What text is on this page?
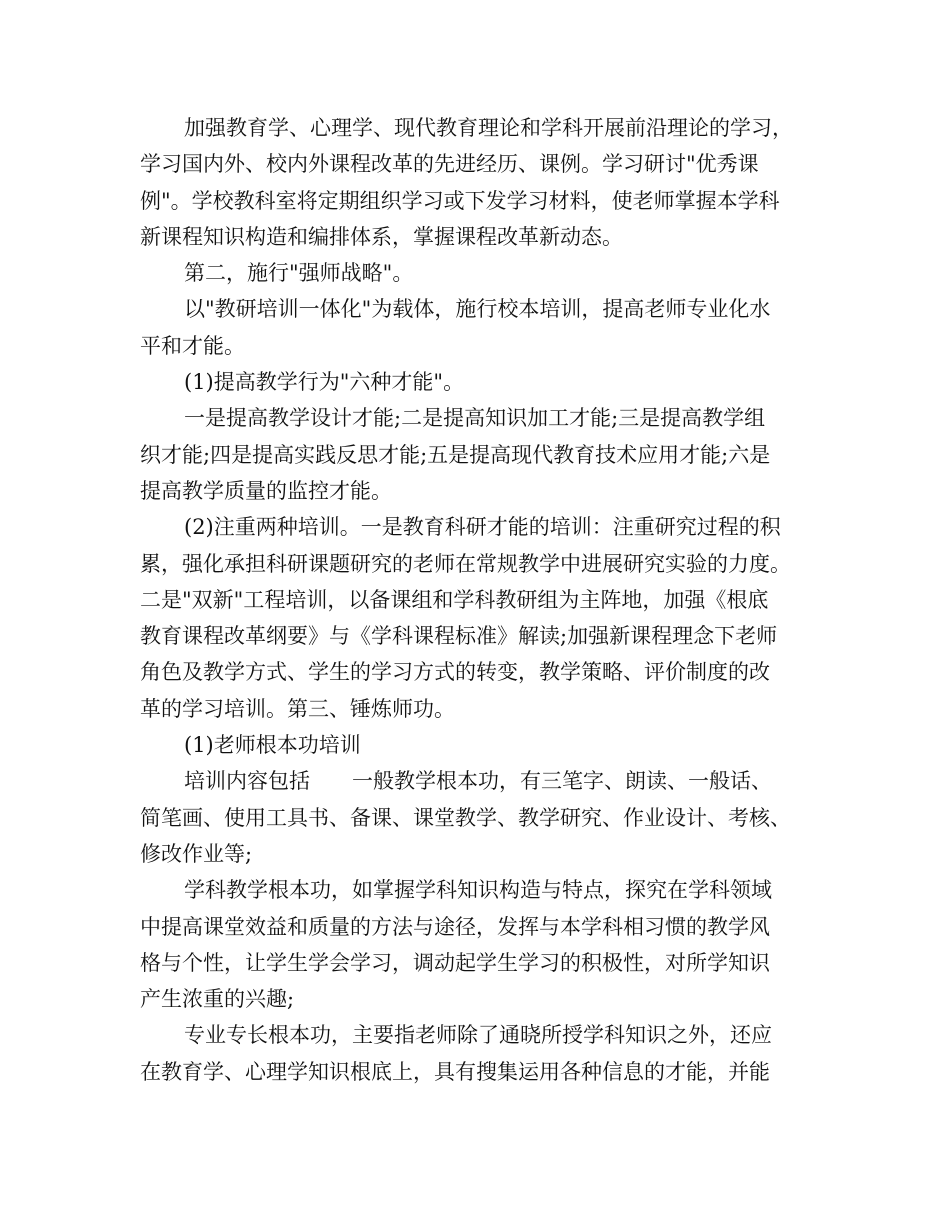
加强教育学、心理学、现代教育理论和学科开展前沿理论的学习，

学习国内外、校内外课程改革的先进经历、课例。学习研讨"优秀课

例"。学校教科室将定期组织学习或下发学习材料，使老师掌握本学科

新课程知识构造和编排体系，掌握课程改革新动态。

第二，施行"强师战略"。

以"教研培训一体化"为载体，施行校本培训，提高老师专业化水

平和才能。

(1)提高教学行为"六种才能"。

一是提高教学设计才能;二是提高知识加工才能;三是提高教学组

织才能;四是提高实践反思才能;五是提高现代教育技术应用才能;六是

提高教学质量的监控才能。

(2)注重两种培训。一是教育科研才能的培训：注重研究过程的积

累，强化承担科研课题研究的老师在常规教学中进展研究实验的力度。

二是"双新"工程培训，以备课组和学科教研组为主阵地，加强《根底

教育课程改革纲要》与《学科课程标准》解读;加强新课程理念下老师

角色及教学方式、学生的学习方式的转变，教学策略、评价制度的改

革的学习培训。第三、锤炼师功。

(1)老师根本功培训

培训内容包括　　一般教学根本功，有三笔字、朗读、一般话、

简笔画、使用工具书、备课、课堂教学、教学研究、作业设计、考核、

修改作业等;

学科教学根本功，如掌握学科知识构造与特点，探究在学科领域

中提高课堂效益和质量的方法与途径，发挥与本学科相习惯的教学风

格与个性，让学生学会学习，调动起学生学习的积极性，对所学知识

产生浓重的兴趣;

专业专长根本功，主要指老师除了通晓所授学科知识之外，还应

在教育学、心理学知识根底上，具有搜集运用各种信息的才能，并能
